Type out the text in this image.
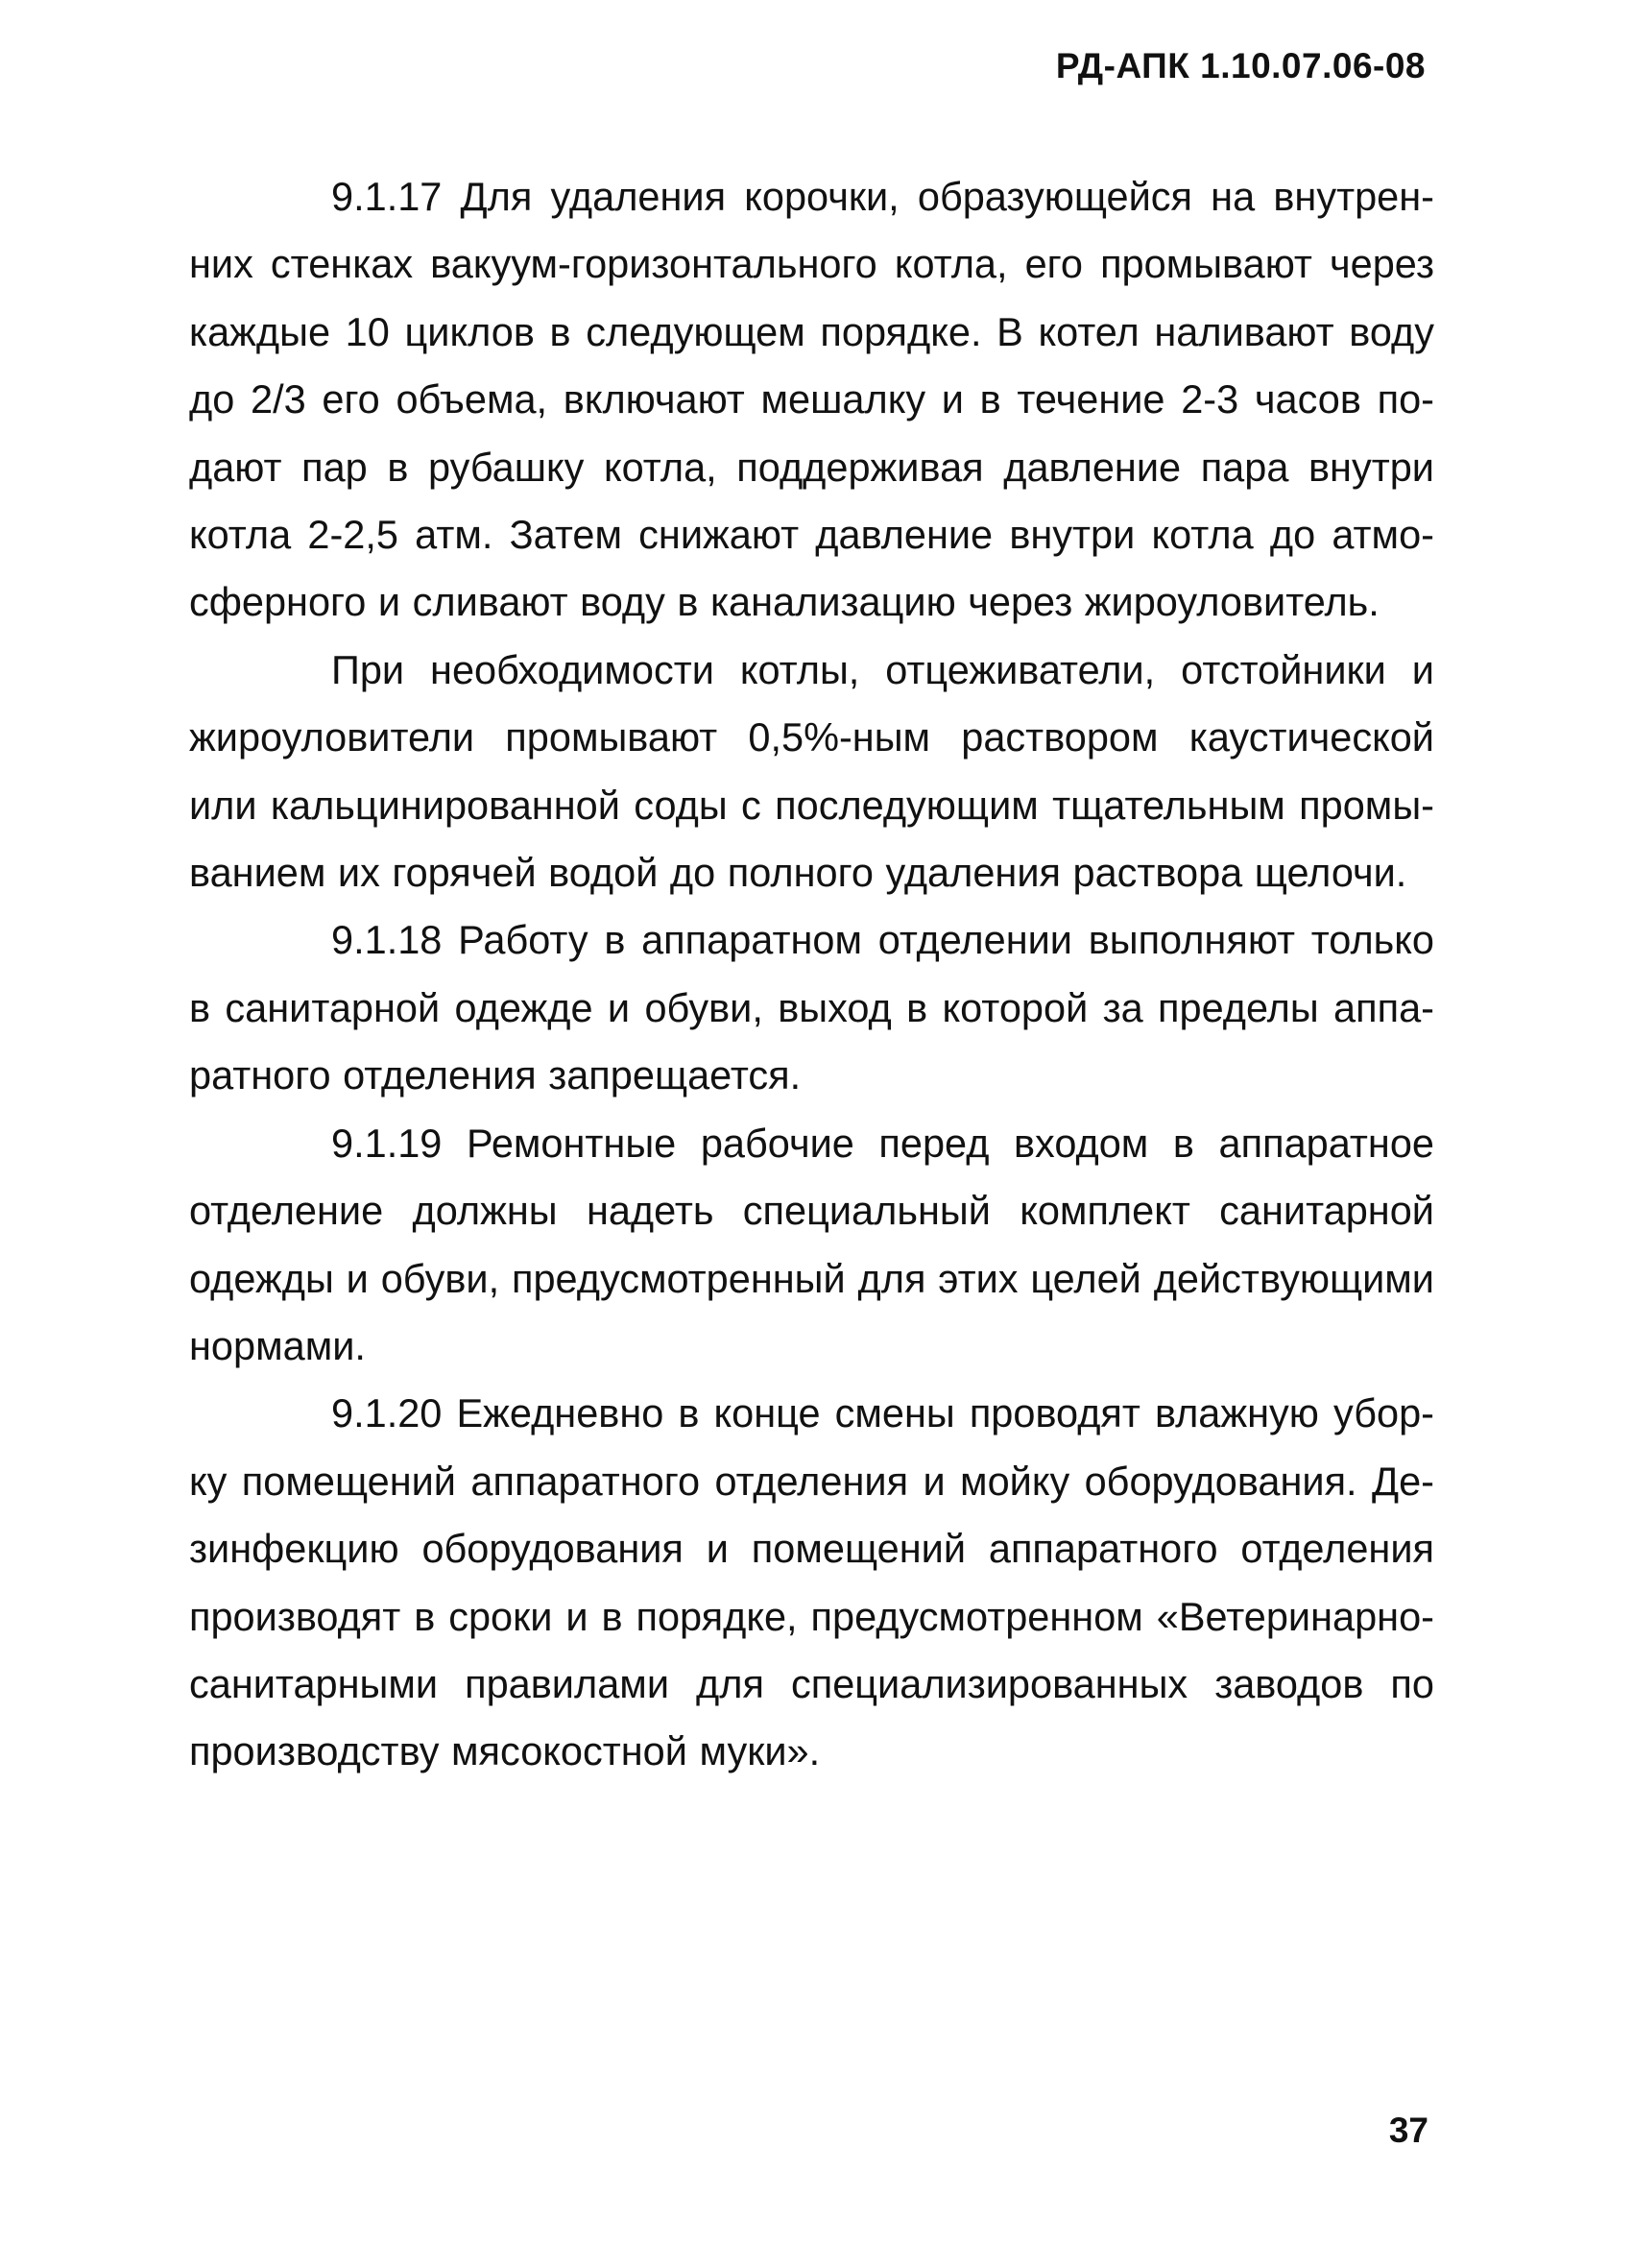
РД-АПК 1.10.07.06-08

9.1.17 Для удаления корочки, образующейся на внутренних стенках вакуум-горизонтального котла, его промывают через каждые 10 циклов в следующем порядке. В котел наливают воду до 2/3 его объема, включают мешалку и в течение 2-3 часов подают пар в рубашку котла, поддерживая давление пара внутри котла 2-2,5 атм. Затем снижают давление внутри котла до атмосферного и сливают воду в канализацию через жироуловитель.

При необходимости котлы, отцеживатели, отстойники и жироуловители промывают 0,5%-ным раствором каустической или кальцинированной соды с последующим тщательным промыванием их горячей водой до полного удаления раствора щелочи.

9.1.18 Работу в аппаратном отделении выполняют только в санитарной одежде и обуви, выход в которой за пределы аппаратного отделения запрещается.

9.1.19 Ремонтные рабочие перед входом в аппаратное отделение должны надеть специальный комплект санитарной одежды и обуви, предусмотренный для этих целей действующими нормами.

9.1.20 Ежедневно в конце смены проводят влажную уборку помещений аппаратного отделения и мойку оборудования. Дезинфекцию оборудования и помещений аппаратного отделения производят в сроки и в порядке, предусмотренном «Ветеринарно-санитарными правилами для специализированных заводов по производству мясокостной муки».

37
